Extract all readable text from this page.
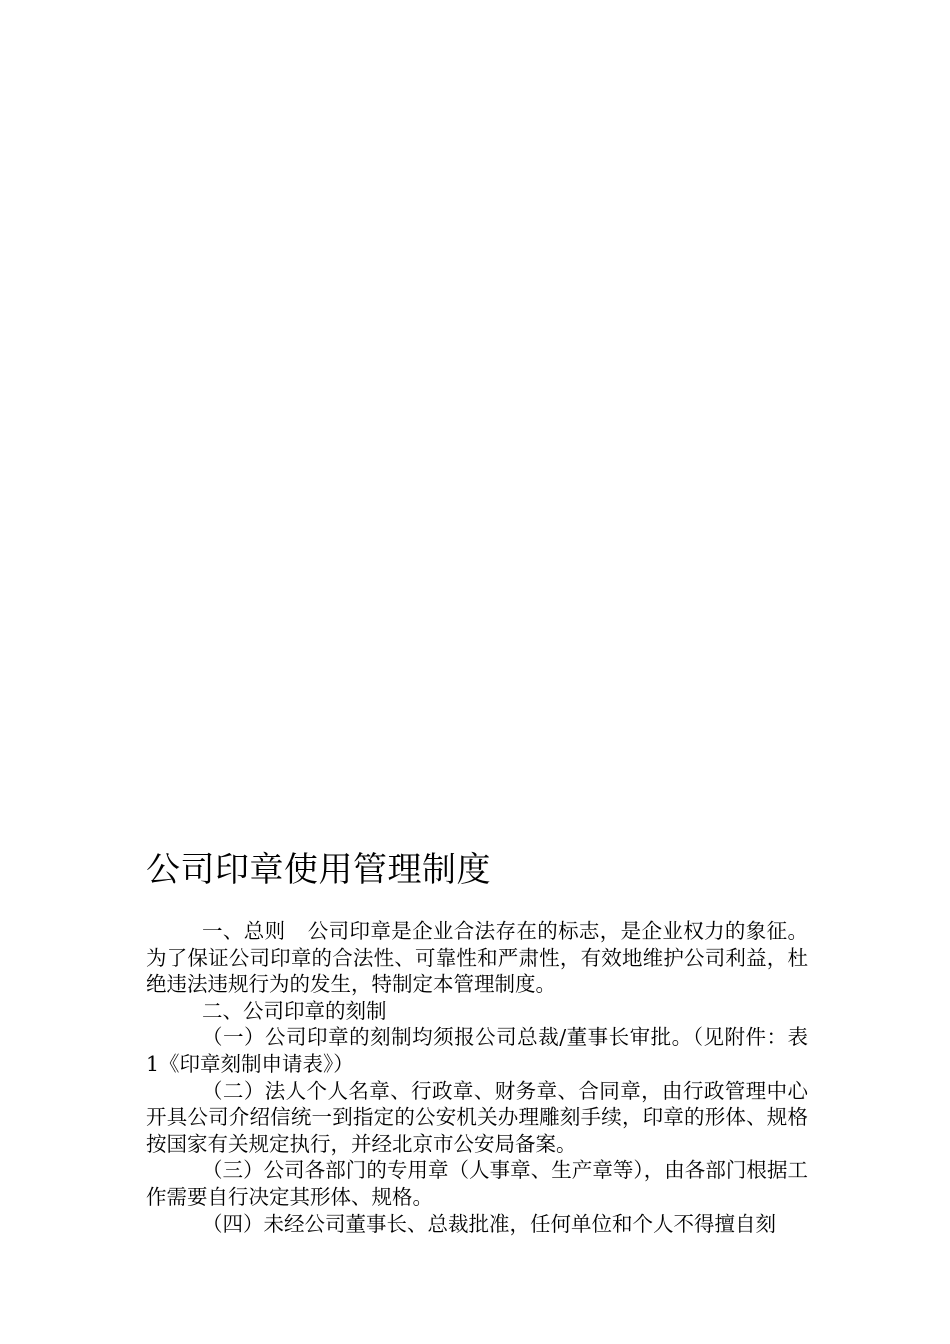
公司印章使用管理制度

一、总则 公司印章是企业合法存在的标志，是企业权力的象征。为了保证公司印章的合法性、可靠性和严肃性，有效地维护公司利益，杜绝违法违规行为的发生，特制定本管理制度。

二、公司印章的刻制

（一）公司印章的刻制均须报公司总裁/董事长审批。（见附件：表 1《印章刻制申请表》）

（二）法人个人名章、行政章、财务章、合同章，由行政管理中心开具公司介绍信统一到指定的公安机关办理雕刻手续，印章的形体、规格按国家有关规定执行，并经北京市公安局备案。

（三）公司各部门的专用章（人事章、生产章等），由各部门根据工作需要自行决定其形体、规格。

（四）未经公司董事长、总裁批准，任何单位和个人不得擅自刻
